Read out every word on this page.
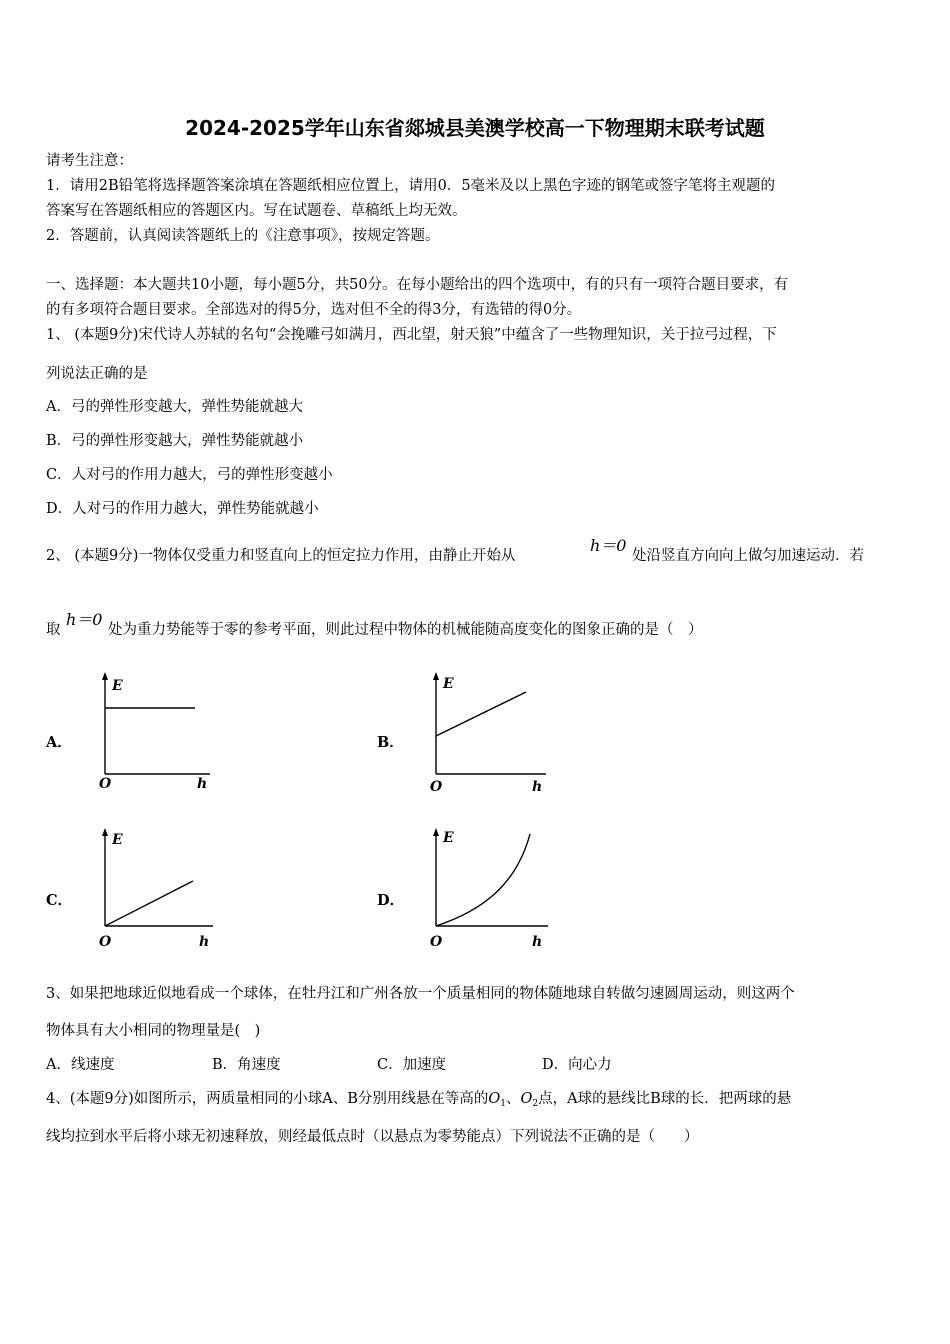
2024-2025学年山东省郯城县美澳学校高一下物理期末联考试题
请考生注意：
1．请用2B铅笔将选择题答案涂填在答题纸相应位置上，请用0．5毫米及以上黑色字迹的钢笔或签字笔将主观题的
答案写在答题纸相应的答题区内。写在试题卷、草稿纸上均无效。
2．答题前，认真阅读答题纸上的《注意事项》，按规定答题。
一、选择题：本大题共10小题，每小题5分，共50分。在每小题给出的四个选项中，有的只有一项符合题目要求，有
的有多项符合题目要求。全部选对的得5分，选对但不全的得3分，有选错的得0分。
1、 (本题9分)宋代诗人苏轼的名句“会挽雕弓如满月，西北望，射天狼”中蕴含了一些物理知识，关于拉弓过程，下
列说法正确的是
A．弓的弹性形变越大，弹性势能就越大
B．弓的弹性形变越大，弹性势能就越小
C．人对弓的作用力越大，弓的弹性形变越小
D．人对弓的作用力越大，弹性势能就越小
2、 (本题9分)一物体仅受重力和竖直向上的恒定拉力作用，由静止开始从
h＝0
处沿竖直方向向上做匀加速运动．若
取
h＝0
处为重力势能等于零的参考平面，则此过程中物体的机械能随高度变化的图象正确的是（　）
A．	B．
C．	D．
E
O	h
E
O	h
E
O	h
E
O	h
3、如果把地球近似地看成一个球体，在牡丹江和广州各放一个质量相同的物体随地球自转做匀速圆周运动，则这两个
物体具有大小相同的物理量是(　)
A．线速度	B．角速度	C．加速度	D．向心力
4、(本题9分)如图所示，两质量相同的小球A、B分别用线悬在等高的$O_1$、$O_2$点，A球的悬线比B球的长．把两球的悬
线均拉到水平后将小球无初速释放，则经最低点时（以悬点为零势能点）下列说法不正确的是（　　）
